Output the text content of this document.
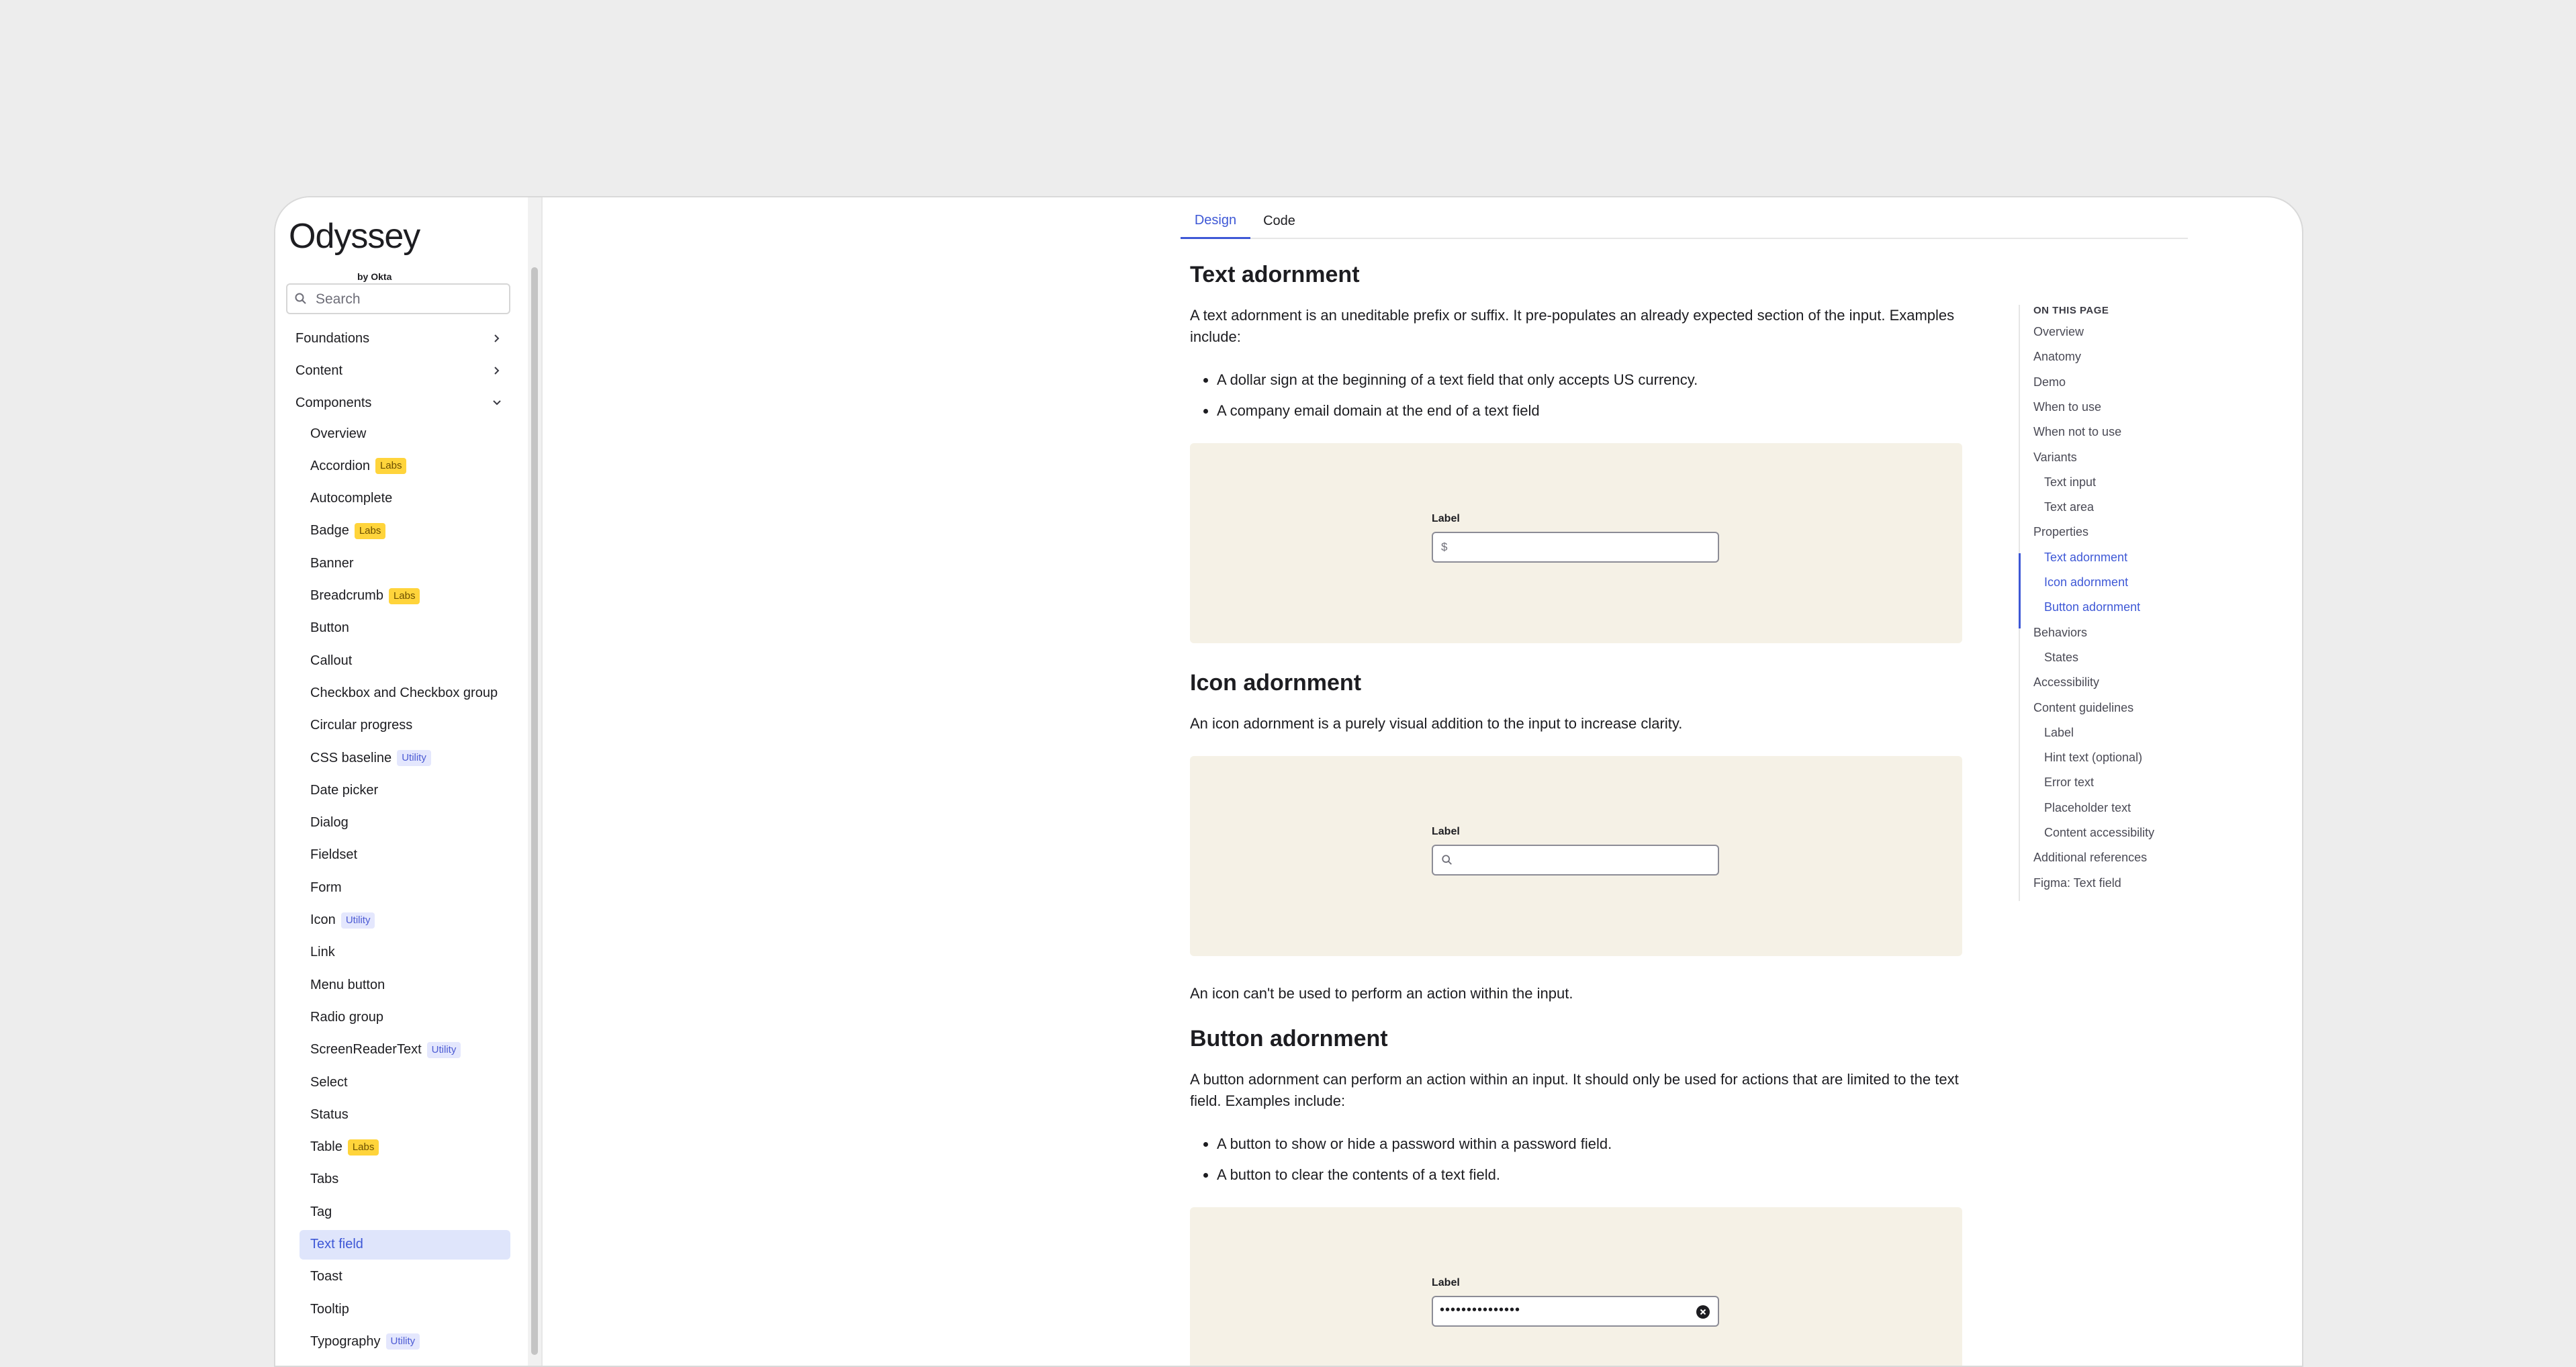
Odyssey
by Okta
Search
Foundations
Content
Components
Overview
Accordion	Labs
Autocomplete
Badge	Labs
Banner
Breadcrumb	Labs
Button
Callout
Checkbox and Checkbox group
Circular progress
CSS baseline	Utility
Date picker
Dialog
Fieldset
Form
Icon	Utility
Link
Menu button
Radio group
ScreenReaderText	Utility
Select
Status
Table	Labs
Tabs
Tag
Text field
Toast
Tooltip
Typography	Utility
Design	Code
Text adornment

A text adornment is an uneditable prefix or suffix. It pre-populates an already expected section of the input. Examples include:

• A dollar sign at the beginning of a text field that only accepts US currency.
• A company email domain at the end of a text field
Label
$
Icon adornment

An icon adornment is a purely visual addition to the input to increase clarity.

Label

An icon can't be used to perform an action within the input.

Button adornment

A button adornment can perform an action within an input. It should only be used for actions that are limited to the text field. Examples include:

• A button to show or hide a password within a password field.
• A button to clear the contents of a text field.
Label
•••••••••••••••
ON THIS PAGE
Overview
Anatomy
Demo
When to use
When not to use
Variants
Text input
Text area
Properties
Text adornment
Icon adornment
Button adornment
Behaviors
States
Accessibility
Content guidelines
Label
Hint text (optional)
Error text
Placeholder text
Content accessibility
Additional references
Figma: Text field
